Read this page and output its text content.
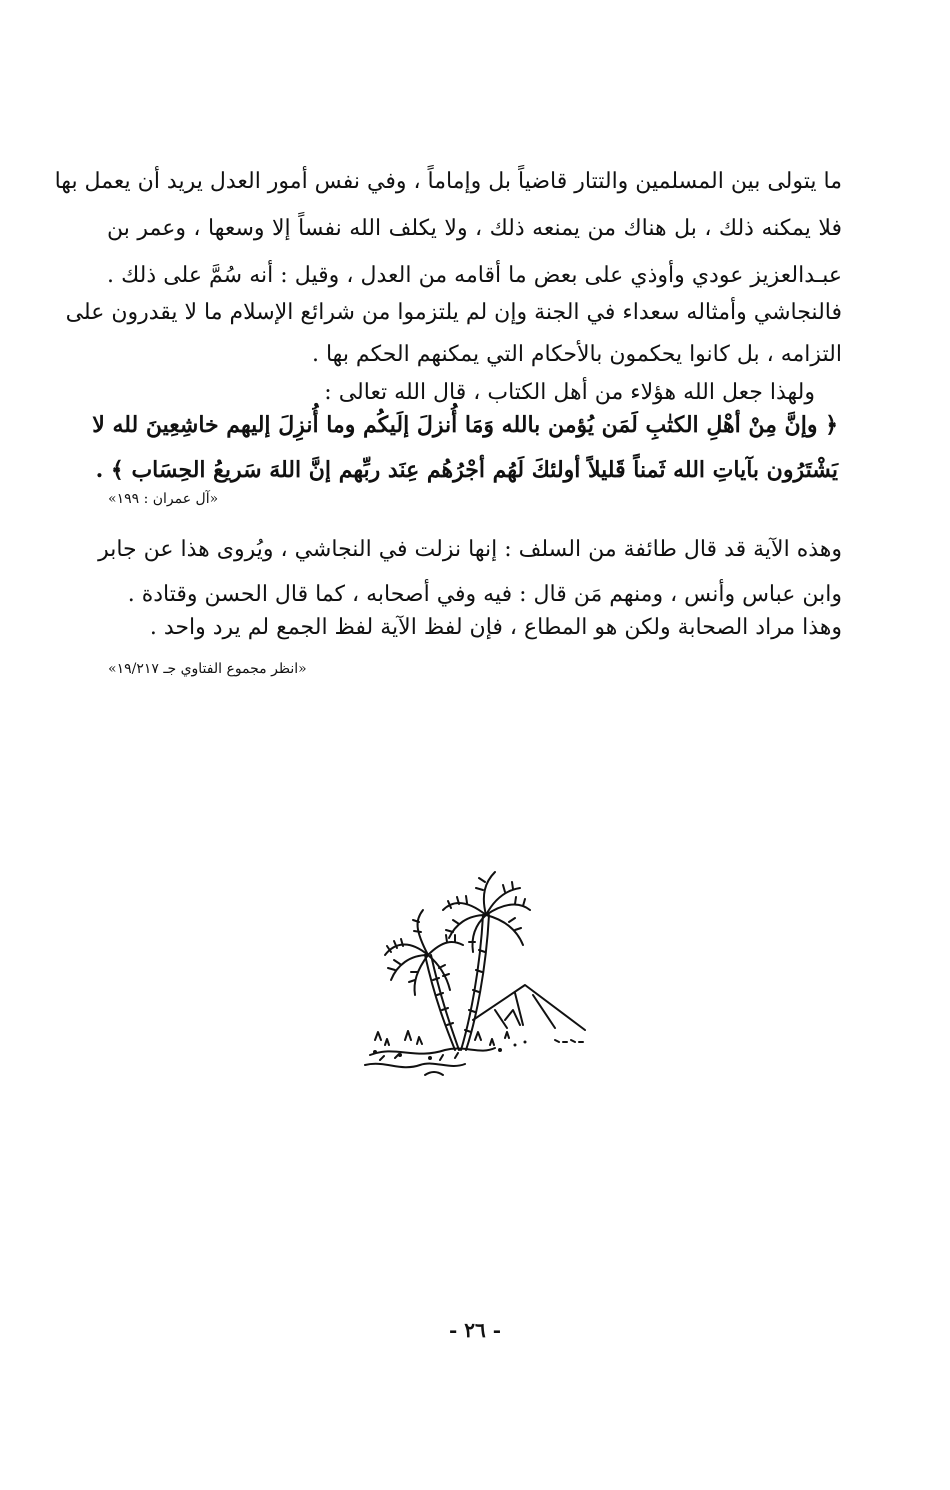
ما يتولى بين المسلمين والتتار قاضياً بل وإماماً ، وفي نفس أمور العدل يريد أن يعمل بها
فلا يمكنه ذلك ، بل هناك من يمنعه ذلك ، ولا يكلف الله نفساً إلا وسعها ، وعمر بن
عبـدالعزيز عودي وأوذي على بعض ما أقامه من العدل ، وقيل : أنه سُمَّ على ذلك .
فالنجاشي وأمثاله سعداء في الجنة وإن لم يلتزموا من شرائع الإسلام ما لا يقدرون على
التزامه ، بل كانوا يحكمون بالأحكام التي يمكنهم الحكم بها .
ولهذا جعل الله هؤلاء من أهل الكتاب ، قال الله تعالى :
﴿ وإنَّ مِنْ أهْلِ الكتٰبِ لَمَن يُؤمن بالله وَمَا أُنزلَ إلَيكُم وما أُنزِلَ إليهم خاشِعِينَ لله لا
يَشْتَرُون بآياتِ الله ثَمناً قَليلاً أولئكَ لَهُم أجْرُهُم عِنَد ربِّهم إنَّ اللهَ سَريعُ الحِسَاب ﴾ .
«آل عمران : ١٩٩»
وهذه الآية قد قال طائفة من السلف : إنها نزلت في النجاشي ، ويُروى هذا عن جابر
وابن عباس وأنس ، ومنهم مَن قال : فيه وفي أصحابه ، كما قال الحسن وقتادة .
وهذا مراد الصحابة ولكن هو المطاع ، فإن لفظ الآية لفظ الجمع لم يرد واحد .
«انظر مجموع الفتاوي جـ ١٩/٢١٧»
- ٢٦ -
